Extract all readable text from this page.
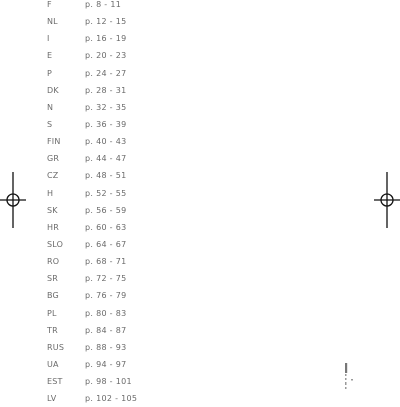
F	p. 8 - 11
NL	p. 12 - 15
I	p. 16 - 19
E	p. 20 - 23
P	p. 24 - 27
DK	p. 28 - 31
N	p. 32 - 35
S	p. 36 - 39
FIN	p. 40 - 43
GR	p. 44 - 47
CZ	p. 48 - 51
H	p. 52 - 55
SK	p. 56 - 59
HR	p. 60 - 63
SLO	p. 64 - 67
RO	p. 68 - 71
SR	p. 72 - 75
BG	p. 76 - 79
PL	p. 80 - 83
TR	p. 84 - 87
RUS	p. 88 - 93
UA	p. 94 - 97
EST	p. 98 - 101
LV	p. 102 - 105
